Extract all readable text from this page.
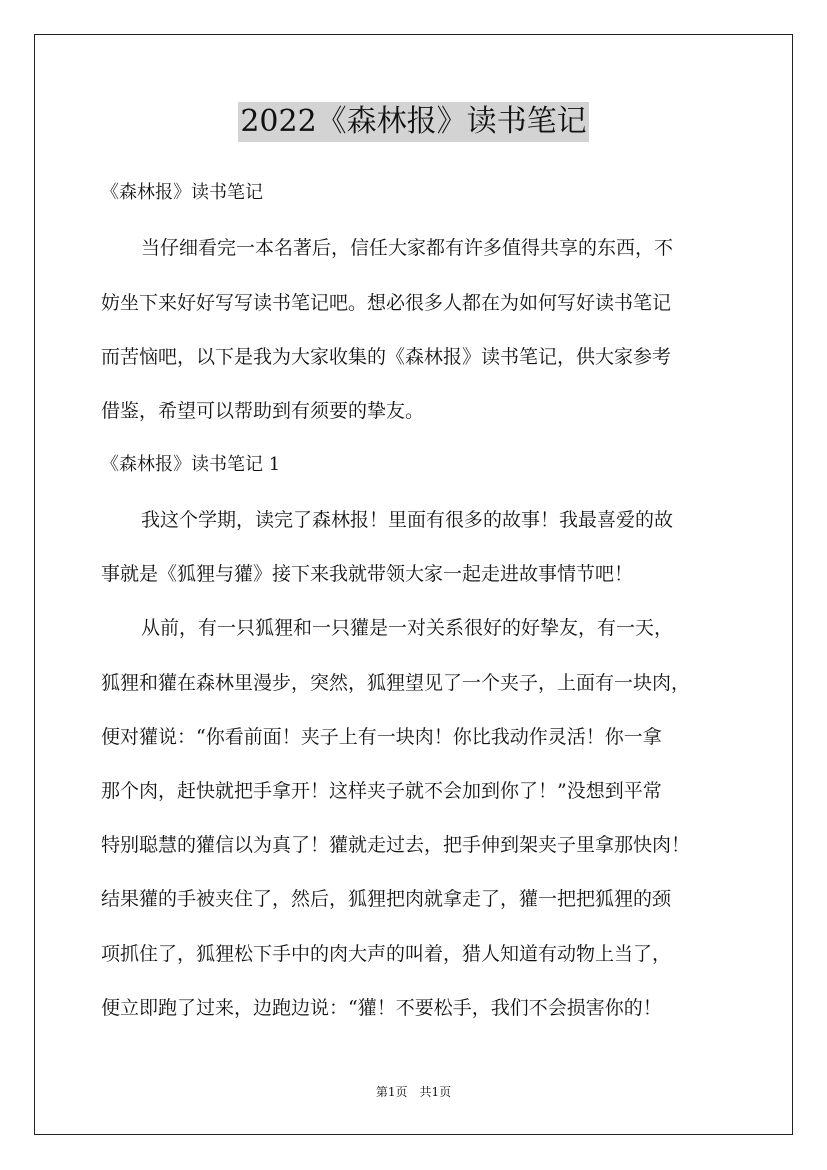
2022《森林报》读书笔记
《森林报》读书笔记
当仔细看完一本名著后，信任大家都有许多值得共享的东西，不
妨坐下来好好写写读书笔记吧。想必很多人都在为如何写好读书笔记
而苦恼吧，以下是我为大家收集的《森林报》读书笔记，供大家参考
借鉴，希望可以帮助到有须要的挚友。
《森林报》读书笔记 1
我这个学期，读完了森林报！里面有很多的故事！我最喜爱的故
事就是《狐狸与獾》接下来我就带领大家一起走进故事情节吧！
从前，有一只狐狸和一只獾是一对关系很好的好挚友，有一天，
狐狸和獾在森林里漫步，突然，狐狸望见了一个夹子，上面有一块肉，
便对獾说：“你看前面！夹子上有一块肉！你比我动作灵活！你一拿
那个肉，赶快就把手拿开！这样夹子就不会加到你了！”没想到平常
特别聪慧的獾信以为真了！獾就走过去，把手伸到架夹子里拿那快肉！
结果獾的手被夹住了，然后，狐狸把肉就拿走了，獾一把把狐狸的颈
项抓住了，狐狸松下手中的肉大声的叫着，猎人知道有动物上当了，
便立即跑了过来，边跑边说：“獾！不要松手，我们不会损害你的！
第1页　共1页
